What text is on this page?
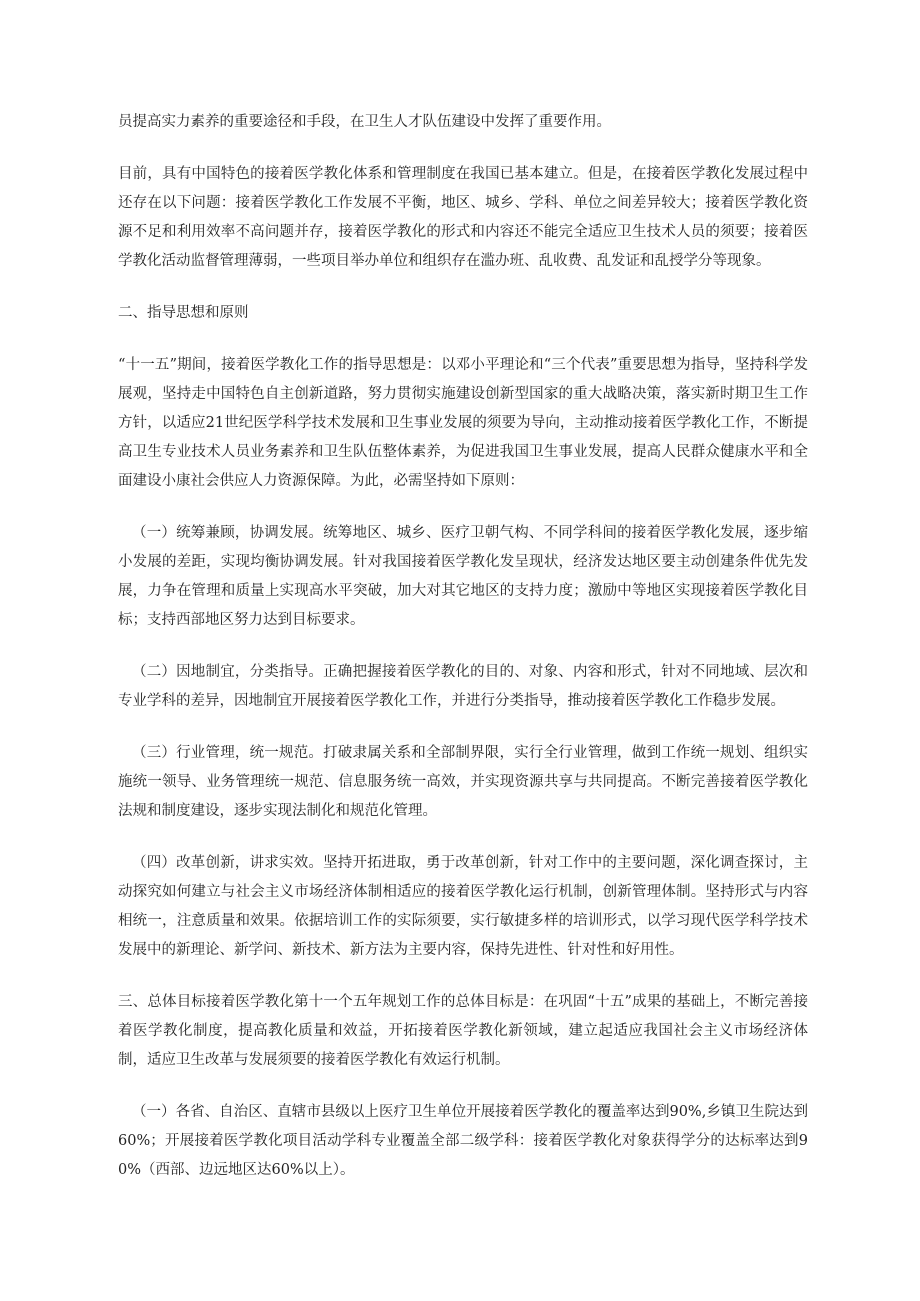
员提高实力素养的重要途径和手段，在卫生人才队伍建设中发挥了重要作用。

目前，具有中国特色的接着医学教化体系和管理制度在我国已基本建立。但是，在接着医学教化发展过程中还存在以下问题：接着医学教化工作发展不平衡，地区、城乡、学科、单位之间差异较大；接着医学教化资源不足和利用效率不高问题并存，接着医学教化的形式和内容还不能完全适应卫生技术人员的须要；接着医学教化活动监督管理薄弱，一些项目举办单位和组织存在滥办班、乱收费、乱发证和乱授学分等现象。

二、指导思想和原则

“十一五”期间，接着医学教化工作的指导思想是：以邓小平理论和“三个代表”重要思想为指导，坚持科学发展观，坚持走中国特色自主创新道路，努力贯彻实施建设创新型国家的重大战略决策，落实新时期卫生工作方针，以适应21世纪医学科学技术发展和卫生事业发展的须要为导向，主动推动接着医学教化工作，不断提高卫生专业技术人员业务素养和卫生队伍整体素养，为促进我国卫生事业发展，提高人民群众健康水平和全面建设小康社会供应人力资源保障。为此，必需坚持如下原则：

（一）统筹兼顾，协调发展。统筹地区、城乡、医疗卫朝气构、不同学科间的接着医学教化发展，逐步缩小发展的差距，实现均衡协调发展。针对我国接着医学教化发呈现状，经济发达地区要主动创建条件优先发展，力争在管理和质量上实现高水平突破，加大对其它地区的支持力度；激励中等地区实现接着医学教化目标；支持西部地区努力达到目标要求。

（二）因地制宜，分类指导。正确把握接着医学教化的目的、对象、内容和形式，针对不同地域、层次和专业学科的差异，因地制宜开展接着医学教化工作，并进行分类指导，推动接着医学教化工作稳步发展。

（三）行业管理，统一规范。打破隶属关系和全部制界限，实行全行业管理，做到工作统一规划、组织实施统一领导、业务管理统一规范、信息服务统一高效，并实现资源共享与共同提高。不断完善接着医学教化法规和制度建设，逐步实现法制化和规范化管理。

（四）改革创新，讲求实效。坚持开拓进取，勇于改革创新，针对工作中的主要问题，深化调查探讨，主动探究如何建立与社会主义市场经济体制相适应的接着医学教化运行机制，创新管理体制。坚持形式与内容相统一，注意质量和效果。依据培训工作的实际须要，实行敏捷多样的培训形式，以学习现代医学科学技术发展中的新理论、新学问、新技术、新方法为主要内容，保持先进性、针对性和好用性。

三、总体目标接着医学教化第十一个五年规划工作的总体目标是：在巩固“十五”成果的基础上，不断完善接着医学教化制度，提高教化质量和效益，开拓接着医学教化新领域，建立起适应我国社会主义市场经济体制，适应卫生改革与发展须要的接着医学教化有效运行机制。

（一）各省、自治区、直辖市县级以上医疗卫生单位开展接着医学教化的覆盖率达到90%,乡镇卫生院达到60%；开展接着医学教化项目活动学科专业覆盖全部二级学科：接着医学教化对象获得学分的达标率达到90%（西部、边远地区达60%以上）。
